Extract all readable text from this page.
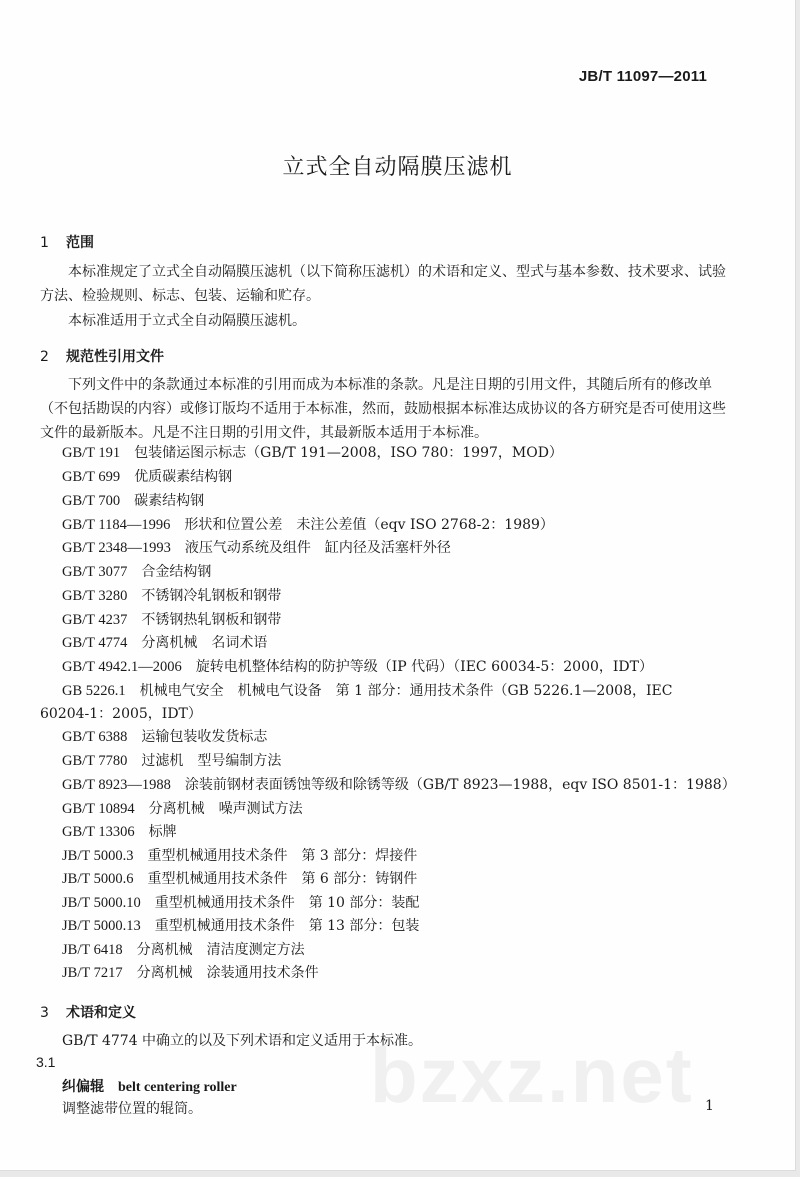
JB/T 11097—2011
立式全自动隔膜压滤机
1 范围
本标准规定了立式全自动隔膜压滤机（以下简称压滤机）的术语和定义、型式与基本参数、技术要求、试验方法、检验规则、标志、包装、运输和贮存。
本标准适用于立式全自动隔膜压滤机。
2 规范性引用文件
下列文件中的条款通过本标准的引用而成为本标准的条款。凡是注日期的引用文件，其随后所有的修改单（不包括勘误的内容）或修订版均不适用于本标准，然而，鼓励根据本标准达成协议的各方研究是否可使用这些文件的最新版本。凡是不注日期的引用文件，其最新版本适用于本标准。
GB/T 191 包装储运图示标志（GB/T 191—2008，ISO 780：1997，MOD）
GB/T 699 优质碳素结构钢
GB/T 700 碳素结构钢
GB/T 1184—1996 形状和位置公差　未注公差值（eqv ISO 2768-2：1989）
GB/T 2348—1993 液压气动系统及组件　缸内径及活塞杆外径
GB/T 3077 合金结构钢
GB/T 3280 不锈钢冷轧钢板和钢带
GB/T 4237 不锈钢热轧钢板和钢带
GB/T 4774 分离机械　名词术语
GB/T 4942.1—2006 旋转电机整体结构的防护等级（IP 代码）（IEC 60034-5：2000，IDT）
GB 5226.1 机械电气安全　机械电气设备　第 1 部分：通用技术条件（GB 5226.1—2008，IEC
60204-1：2005，IDT）
GB/T 6388 运输包装收发货标志
GB/T 7780 过滤机　型号编制方法
GB/T 8923—1988 涂装前钢材表面锈蚀等级和除锈等级（GB/T 8923—1988，eqv ISO 8501-1：1988）
GB/T 10894 分离机械　噪声测试方法
GB/T 13306 标牌
JB/T 5000.3 重型机械通用技术条件　第 3 部分：焊接件
JB/T 5000.6 重型机械通用技术条件　第 6 部分：铸钢件
JB/T 5000.10 重型机械通用技术条件　第 10 部分：装配
JB/T 5000.13 重型机械通用技术条件　第 13 部分：包装
JB/T 6418 分离机械　清洁度测定方法
JB/T 7217 分离机械　涂装通用技术条件
3 术语和定义
GB/T 4774 中确立的以及下列术语和定义适用于本标准。
3.1
纠偏辊 belt centering roller
调整滤带位置的辊筒。 bzxz.net 1
